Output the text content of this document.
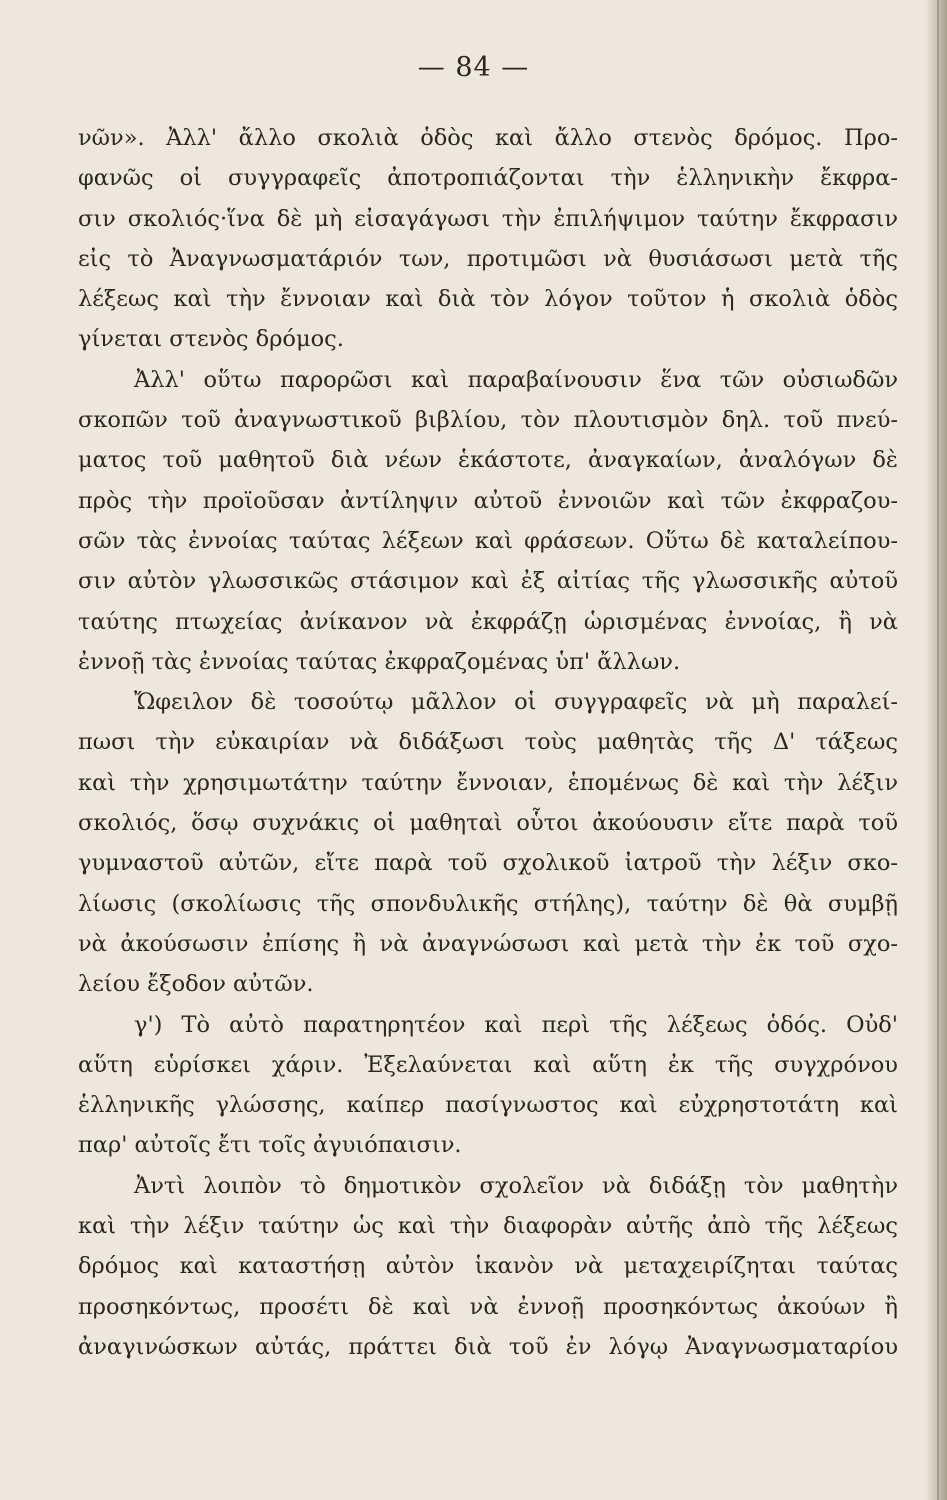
— 84 —
νῶν». Ἀλλ' ἄλλο σκολιὰ ὁδὸς καὶ ἄλλο στενὸς δρόμος. Προ-
φανῶς οἱ συγγραφεῖς ἀποτροπιάζονται τὴν ἑλληνικὴν ἔκφρα-
σιν σκολιός·ἵνα δὲ μὴ εἰσαγάγωσι τὴν ἐπιλήψιμον ταύτην ἔκφρασιν
εἰς τὸ Ἀναγνωσματάριόν των, προτιμῶσι νὰ θυσιάσωσι μετὰ τῆς
λέξεως καὶ τὴν ἔννοιαν καὶ διὰ τὸν λόγον τοῦτον ἡ σκολιὰ ὁδὸς
γίνεται στενὸς δρόμος.
Ἀλλ' οὕτω παρορῶσι καὶ παραβαίνουσιν ἕνα τῶν οὐσιωδῶν
σκοπῶν τοῦ ἀναγνωστικοῦ βιβλίου, τὸν πλουτισμὸν δηλ. τοῦ πνεύ-
ματος τοῦ μαθητοῦ διὰ νέων ἑκάστοτε, ἀναγκαίων, ἀναλόγων δὲ
πρὸς τὴν προϊοῦσαν ἀντίληψιν αὐτοῦ ἐννοιῶν καὶ τῶν ἐκφραζου-
σῶν τὰς ἐννοίας ταύτας λέξεων καὶ φράσεων. Οὕτω δὲ καταλείπου-
σιν αὐτὸν γλωσσικῶς στάσιμον καὶ ἐξ αἰτίας τῆς γλωσσικῆς αὐτοῦ
ταύτης πτωχείας ἀνίκανον νὰ ἐκφράζῃ ὡρισμένας ἐννοίας, ἢ νὰ
ἐννοῇ τὰς ἐννοίας ταύτας ἐκφραζομένας ὑπ' ἄλλων.
Ὤφειλον δὲ τοσούτῳ μᾶλλον οἱ συγγραφεῖς νὰ μὴ παραλεί-
πωσι τὴν εὐκαιρίαν νὰ διδάξωσι τοὺς μαθητὰς τῆς Δ' τάξεως
καὶ τὴν χρησιμωτάτην ταύτην ἔννοιαν, ἑπομένως δὲ καὶ τὴν λέξιν
σκολιός, ὅσῳ συχνάκις οἱ μαθηταὶ οὗτοι ἀκούουσιν εἴτε παρὰ τοῦ
γυμναστοῦ αὐτῶν, εἴτε παρὰ τοῦ σχολικοῦ ἰατροῦ τὴν λέξιν σκο-
λίωσις (σκολίωσις τῆς σπονδυλικῆς στήλης), ταύτην δὲ θὰ συμβῇ
νὰ ἀκούσωσιν ἐπίσης ἢ νὰ ἀναγνώσωσι καὶ μετὰ τὴν ἐκ τοῦ σχο-
λείου ἔξοδον αὐτῶν.
γ') Τὸ αὐτὸ παρατηρητέον καὶ περὶ τῆς λέξεως ὁδός. Οὐδ'
αὕτη εὑρίσκει χάριν. Ἐξελαύνεται καὶ αὕτη ἐκ τῆς συγχρόνου
ἑλληνικῆς γλώσσης, καίπερ πασίγνωστος καὶ εὐχρηστοτάτη καὶ
παρ' αὐτοῖς ἔτι τοῖς ἀγυιόπαισιν.
Ἀντὶ λοιπὸν τὸ δημοτικὸν σχολεῖον νὰ διδάξῃ τὸν μαθητὴν
καὶ τὴν λέξιν ταύτην ὡς καὶ τὴν διαφορὰν αὐτῆς ἀπὸ τῆς λέξεως
δρόμος καὶ καταστήσῃ αὐτὸν ἱκανὸν νὰ μεταχειρίζηται ταύτας
προσηκόντως, προσέτι δὲ καὶ νὰ ἐννοῇ προσηκόντως ἀκούων ἢ
ἀναγινώσκων αὐτάς, πράττει διὰ τοῦ ἐν λόγῳ Ἀναγνωσματαρίου
